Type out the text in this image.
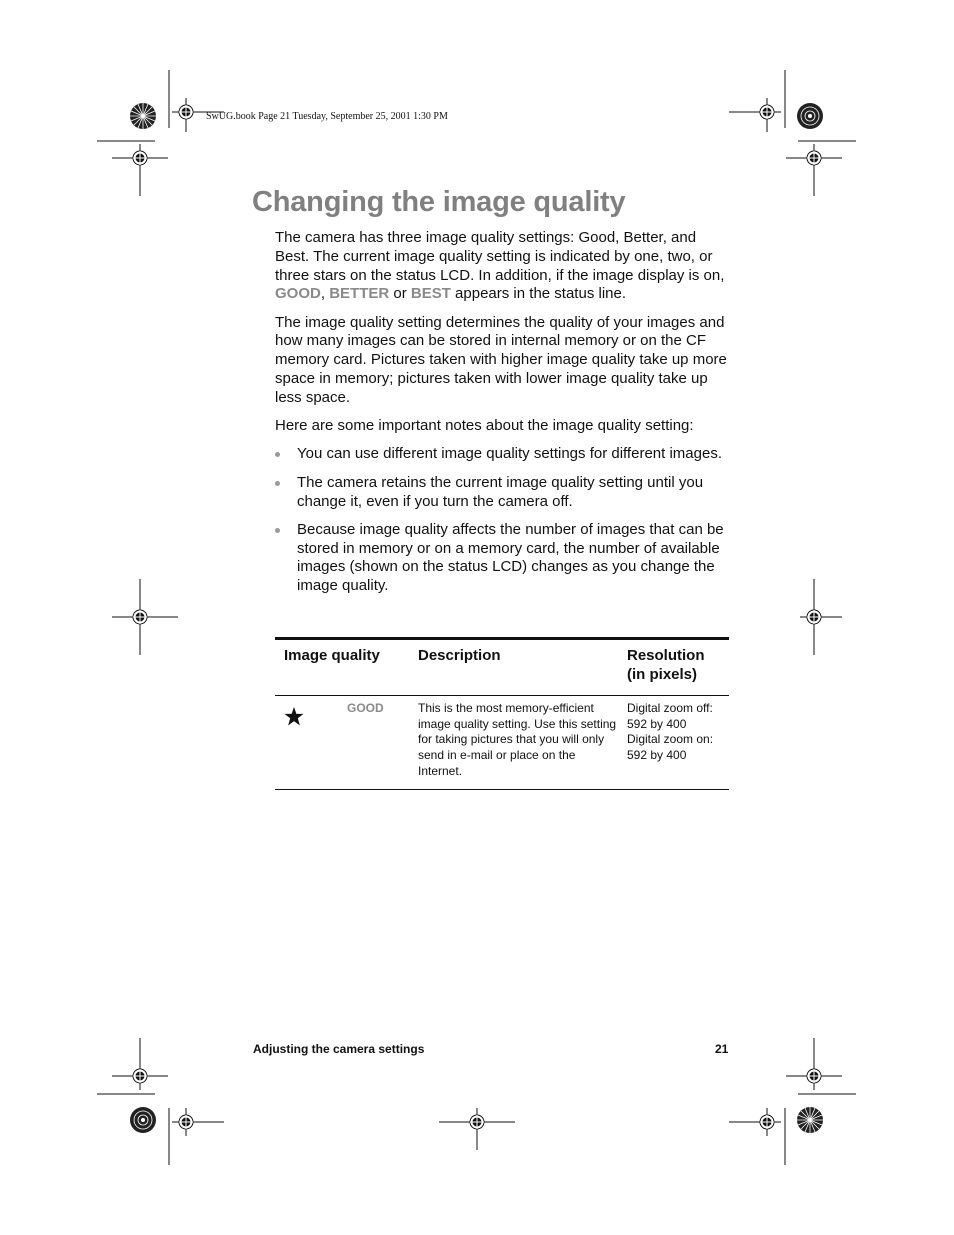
SwUG.book Page 21 Tuesday, September 25, 2001 1:30 PM
Changing the image quality

The camera has three image quality settings: Good, Better, and Best. The current image quality setting is indicated by one, two, or three stars on the status LCD. In addition, if the image display is on, GOOD, BETTER or BEST appears in the status line.

The image quality setting determines the quality of your images and how many images can be stored in internal memory or on the CF memory card. Pictures taken with higher image quality take up more space in memory; pictures taken with lower image quality take up less space.

Here are some important notes about the image quality setting:

You can use different image quality settings for different images.
The camera retains the current image quality setting until you change it, even if you turn the camera off.
Because image quality affects the number of images that can be stored in memory or on a memory card, the number of available images (shown on the status LCD) changes as you change the image quality.
Image quality	Description	Resolution
(in pixels)

GOOD	This is the most memory-efficient image quality setting. Use this setting for taking pictures that you will only send in e-mail or place on the Internet.	Digital zoom off:
592 by 400
Digital zoom on:
592 by 400
Adjusting the camera settings	21
